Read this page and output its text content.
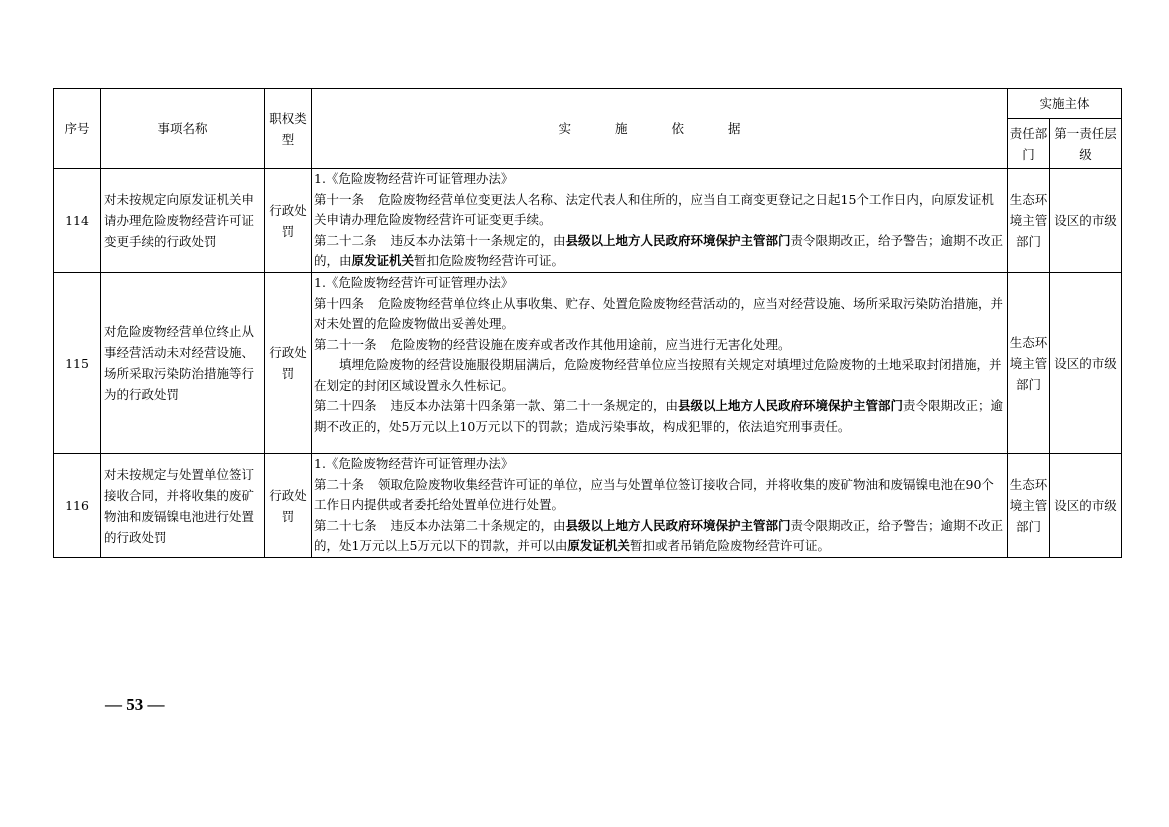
序号	事项名称	职权类型	实 施 依 据	实施主体	
				责任部门	第一责任层级
114	对未按规定向原发证机关申请办理危险废物经营许可证变更手续的行政处罚	行政处罚	1.《危险废物经营许可证管理办法》

第十一条 危险废物经营单位变更法人名称、法定代表人和住所的，应当自工商变更登记之日起15个工作日内，向原发证机关申请办理危险废物经营许可证变更手续。

第二十二条 违反本办法第十一条规定的，由县级以上地方人民政府环境保护主管部门责令限期改正，给予警告；逾期不改正的，由原发证机关暂扣危险废物经营许可证。	生态环境主管部门	设区的市级
115	对危险废物经营单位终止从事经营活动未对经营设施、场所采取污染防治措施等行为的行政处罚	行政处罚	1.《危险废物经营许可证管理办法》

第十四条 危险废物经营单位终止从事收集、贮存、处置危险废物经营活动的，应当对经营设施、场所采取污染防治措施，并对未处置的危险废物做出妥善处理。

第二十一条 危险废物的经营设施在废弃或者改作其他用途前，应当进行无害化处理。

填埋危险废物的经营设施服役期届满后，危险废物经营单位应当按照有关规定对填埋过危险废物的土地采取封闭措施，并在划定的封闭区域设置永久性标记。

第二十四条 违反本办法第十四条第一款、第二十一条规定的，由县级以上地方人民政府环境保护主管部门责令限期改正；逾期不改正的，处5万元以上10万元以下的罚款；造成污染事故，构成犯罪的，依法追究刑事责任。	生态环境主管部门	设区的市级
116	对未按规定与处置单位签订接收合同，并将收集的废矿物油和废镉镍电池进行处置的行政处罚	行政处罚	1.《危险废物经营许可证管理办法》

第二十条 领取危险废物收集经营许可证的单位，应当与处置单位签订接收合同，并将收集的废矿物油和废镉镍电池在90个工作日内提供或者委托给处置单位进行处置。

第二十七条 违反本办法第二十条规定的，由县级以上地方人民政府环境保护主管部门责令限期改正，给予警告；逾期不改正的，处1万元以上5万元以下的罚款，并可以由原发证机关暂扣或者吊销危险废物经营许可证。	生态环境主管部门	设区的市级
— 53 —
